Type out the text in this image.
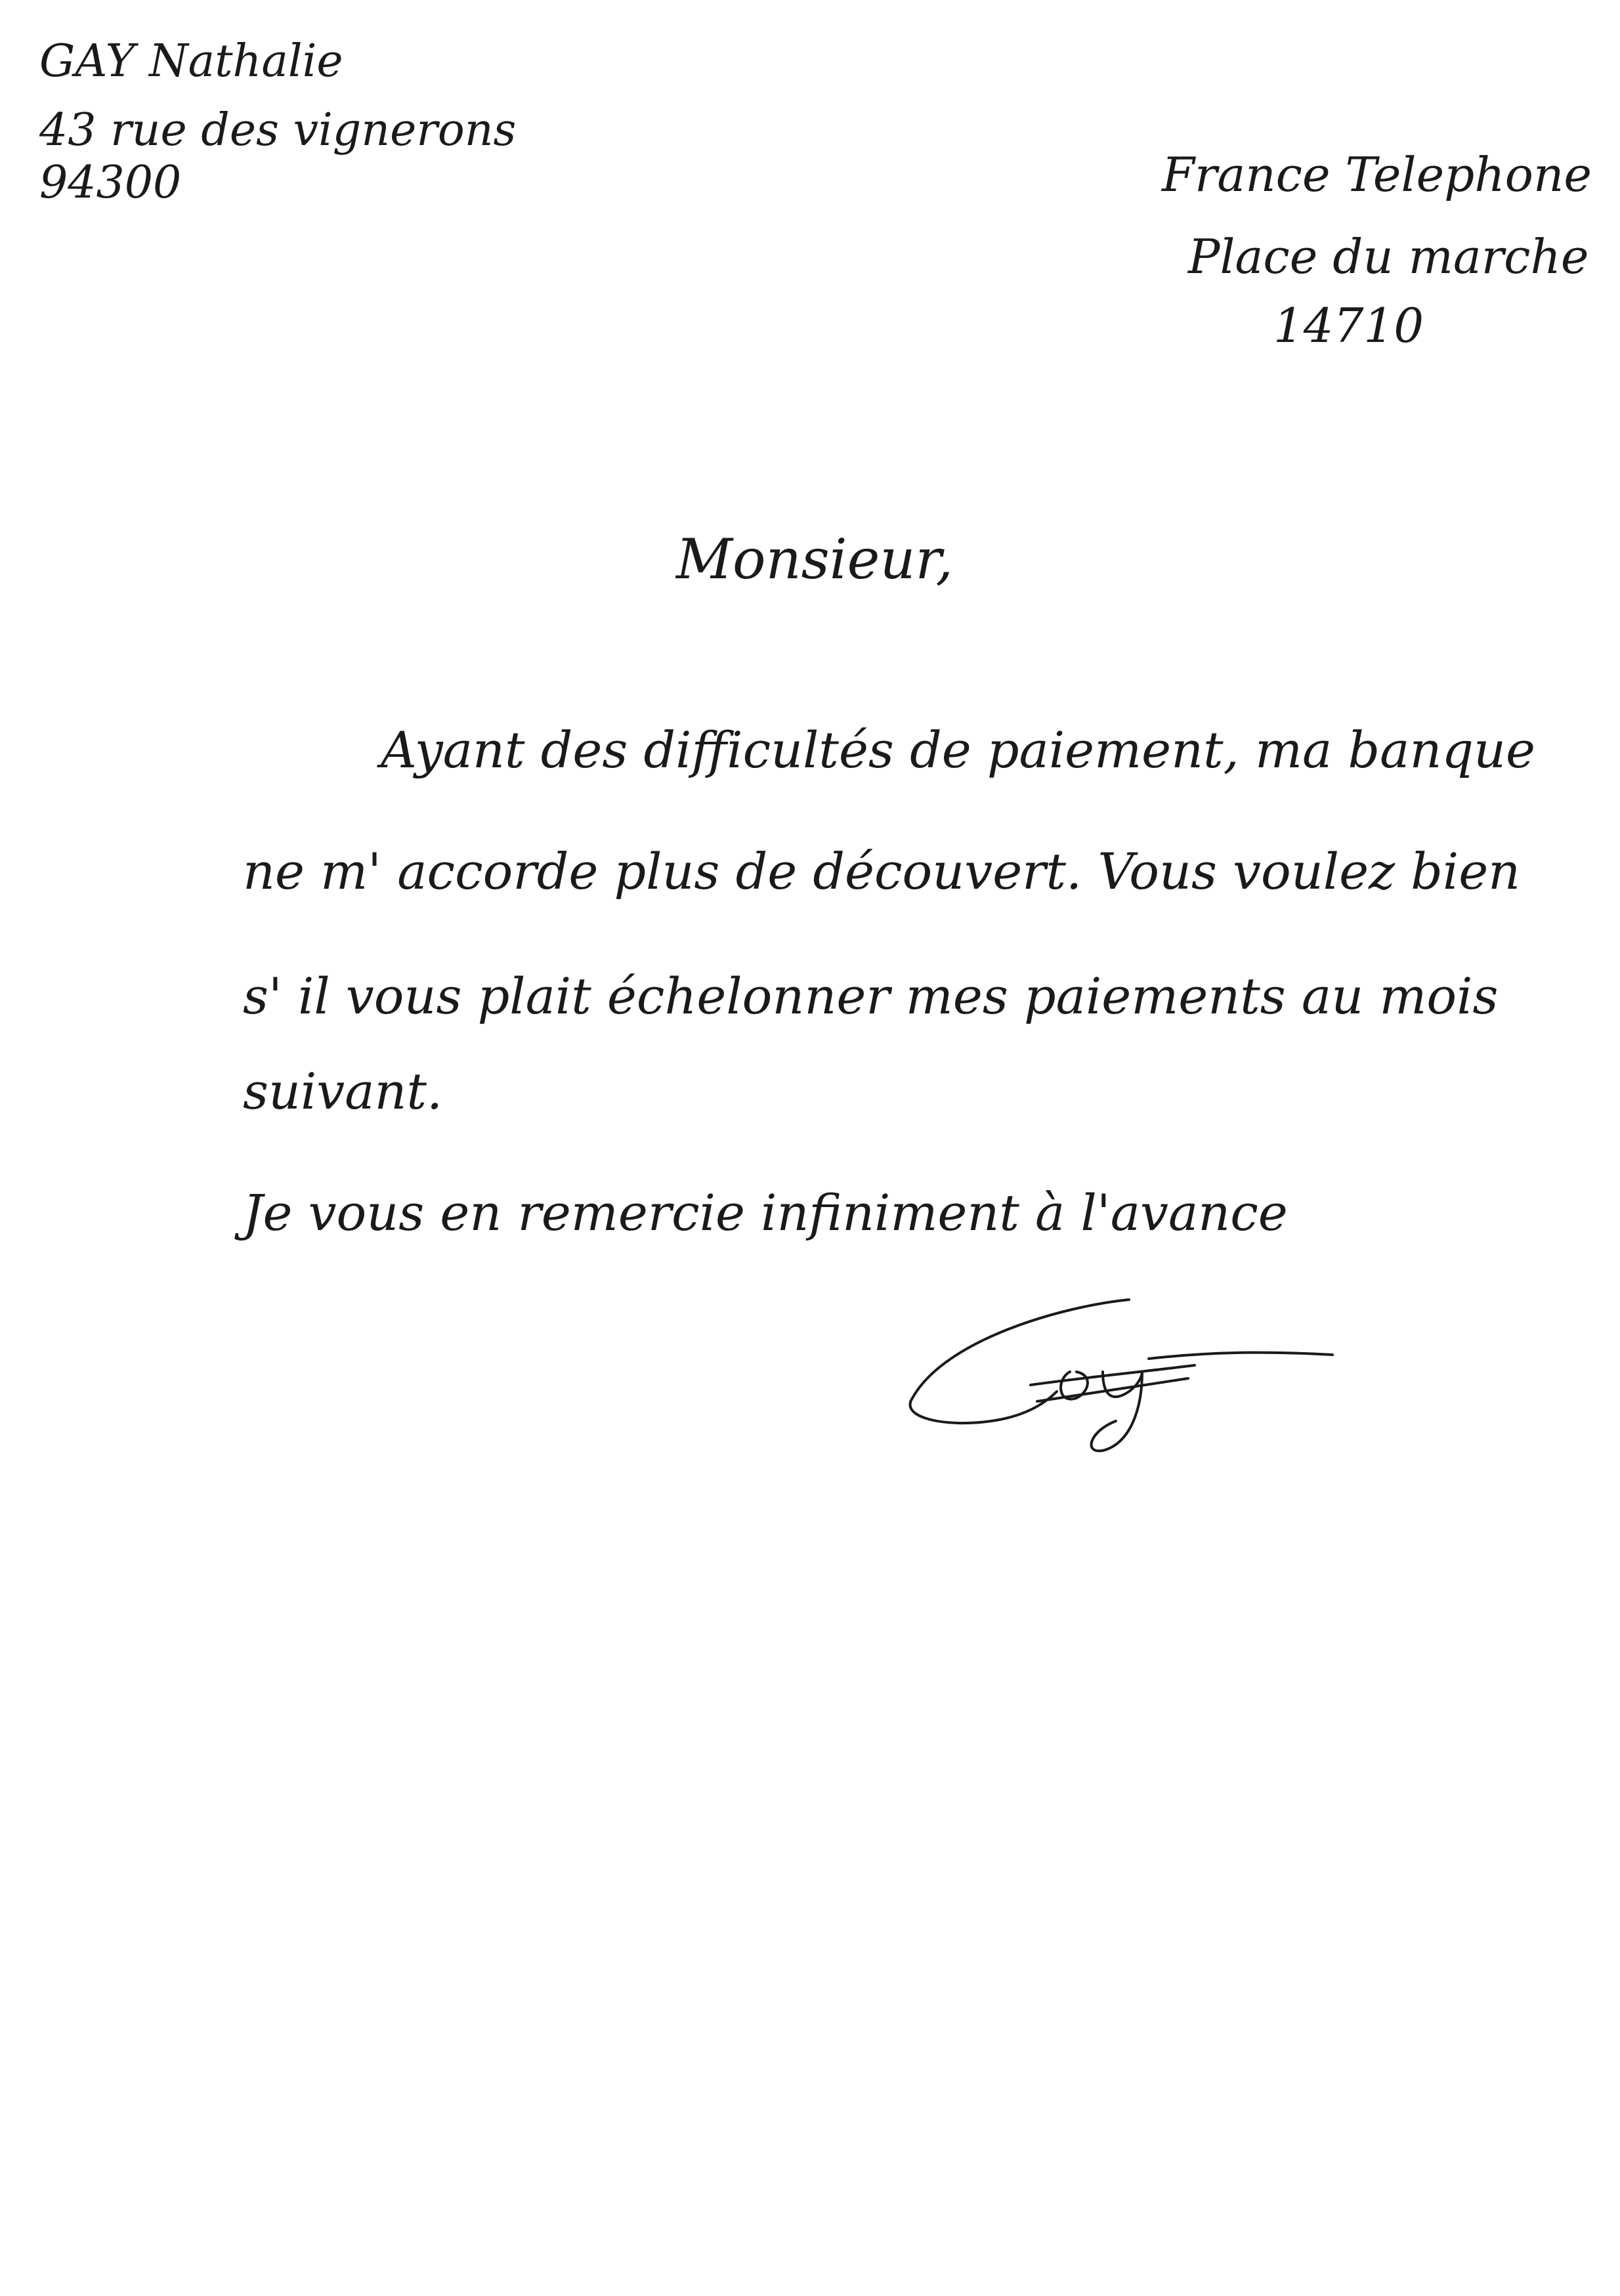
GAY Nathalie
43 rue des vignerons
94300	France Telephone
Place du marche
14710
Monsieur,
Ayant des difficultés de paiement, ma banque
ne m' accorde plus de découvert. Vous voulez bien
s' il vous plait échelonner mes paiements au mois
suivant.
Je vous en remercie infiniment à l'avance
